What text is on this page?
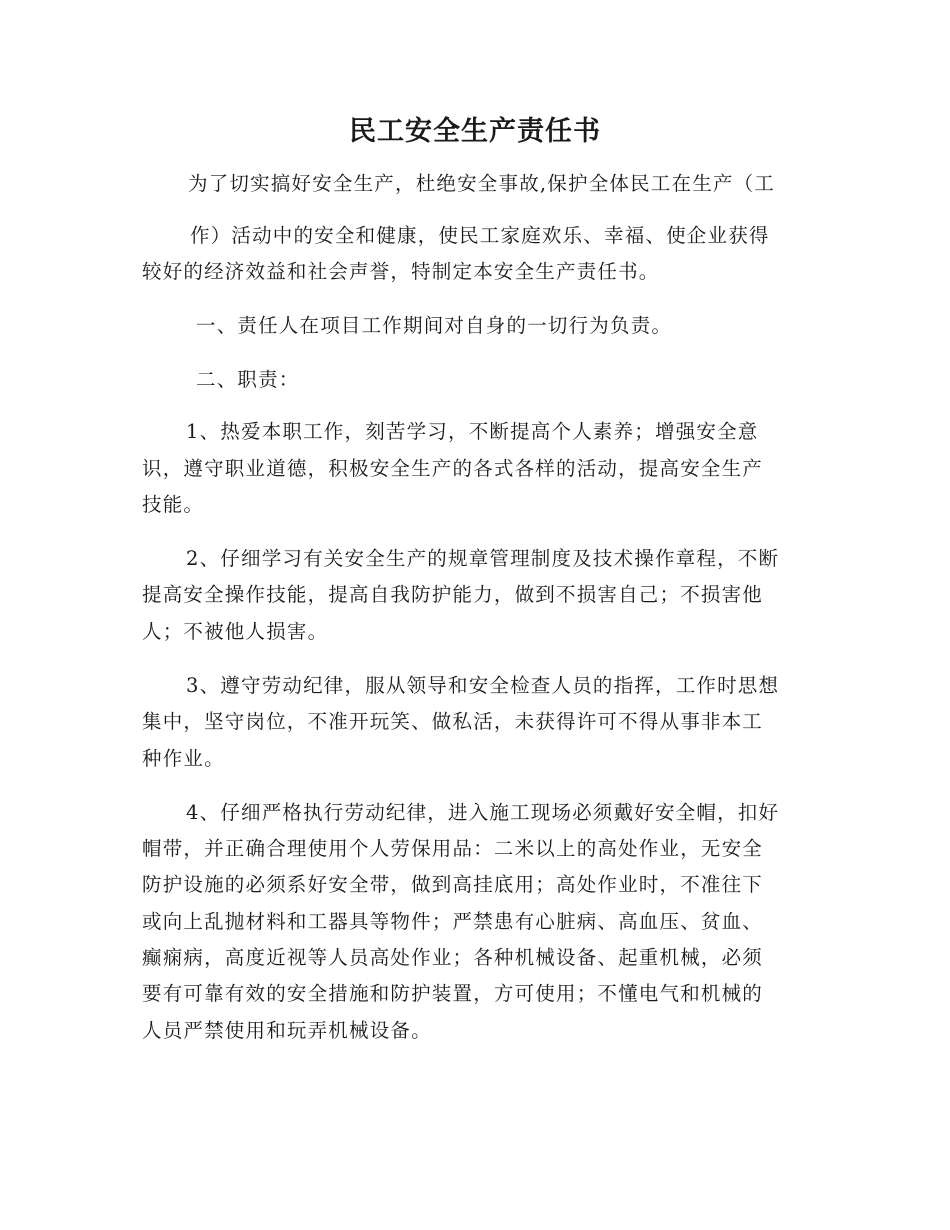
民工安全生产责任书
为了切实搞好安全生产，杜绝安全事故,保护全体民工在生产（工
作）活动中的安全和健康，使民工家庭欢乐、幸福、使企业获得
较好的经济效益和社会声誉，特制定本安全生产责任书。
一、责任人在项目工作期间对自身的一切行为负责。
二、职责：
1、热爱本职工作，刻苦学习，不断提高个人素养；增强安全意
识，遵守职业道德，积极安全生产的各式各样的活动，提高安全生产
技能。
2、仔细学习有关安全生产的规章管理制度及技术操作章程，不断
提高安全操作技能，提高自我防护能力，做到不损害自己；不损害他
人；不被他人损害。
3、遵守劳动纪律，服从领导和安全检查人员的指挥，工作时思想
集中，坚守岗位，不准开玩笑、做私活，未获得许可不得从事非本工
种作业。
4、仔细严格执行劳动纪律，进入施工现场必须戴好安全帽，扣好
帽带，并正确合理使用个人劳保用品：二米以上的高处作业，无安全
防护设施的必须系好安全带，做到高挂底用；高处作业时，不准往下
或向上乱抛材料和工器具等物件；严禁患有心脏病、高血压、贫血、
癫痫病，高度近视等人员高处作业；各种机械设备、起重机械，必须
要有可靠有效的安全措施和防护装置，方可使用；不懂电气和机械的
人员严禁使用和玩弄机械设备。
